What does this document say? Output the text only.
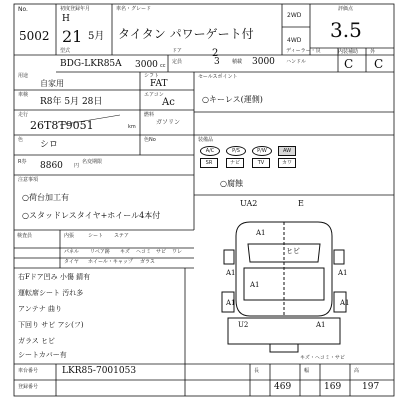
No.
5002
初度登録年月
H
21 5月
車名・グレード
タイタン パワーゲート付
2WD
4WD
評価点
3.5
型式
BDG-LKR85A 3000 cc
ドア	2
定員	3 積載 3000
ディーラー・良
ハンドル
内装補助 外
C C
用途
自家用
シフト
FAT
車検
R8年 5月 28日
エアコン
Ac
走行
26T8T9051	km
燃料
ガソリン
色 シロ	色No
R券 8860 円
名変期限
セールスポイント
○キーレス(運側)
装備品
A/C	P/S	P/W	AW
SR	ナビ	TV	カワ
○腐蝕
注意事項
○荷台加工有
○スタッドレスタイヤ+ホイール4本付
検査員	内張	シート ステア
パネル リペア跡 キズ ヘコミ サビ ワレ
タイヤ ホイール・キャップ ガラス
UA2	E
A1
ヒビ
A1	A1
A1
A1	A1
U2	A1
キズ・ヘコミ・サビ
右Fドア凹み 小傷 錆有
運転席シート 汚れ多
アンテナ 曲り
下回り サビ アシ(フ)
ガラス ヒビ
シートカバー有
車台番号	LKR85-7001053
登録番号
長	幅	高
469	169 197
